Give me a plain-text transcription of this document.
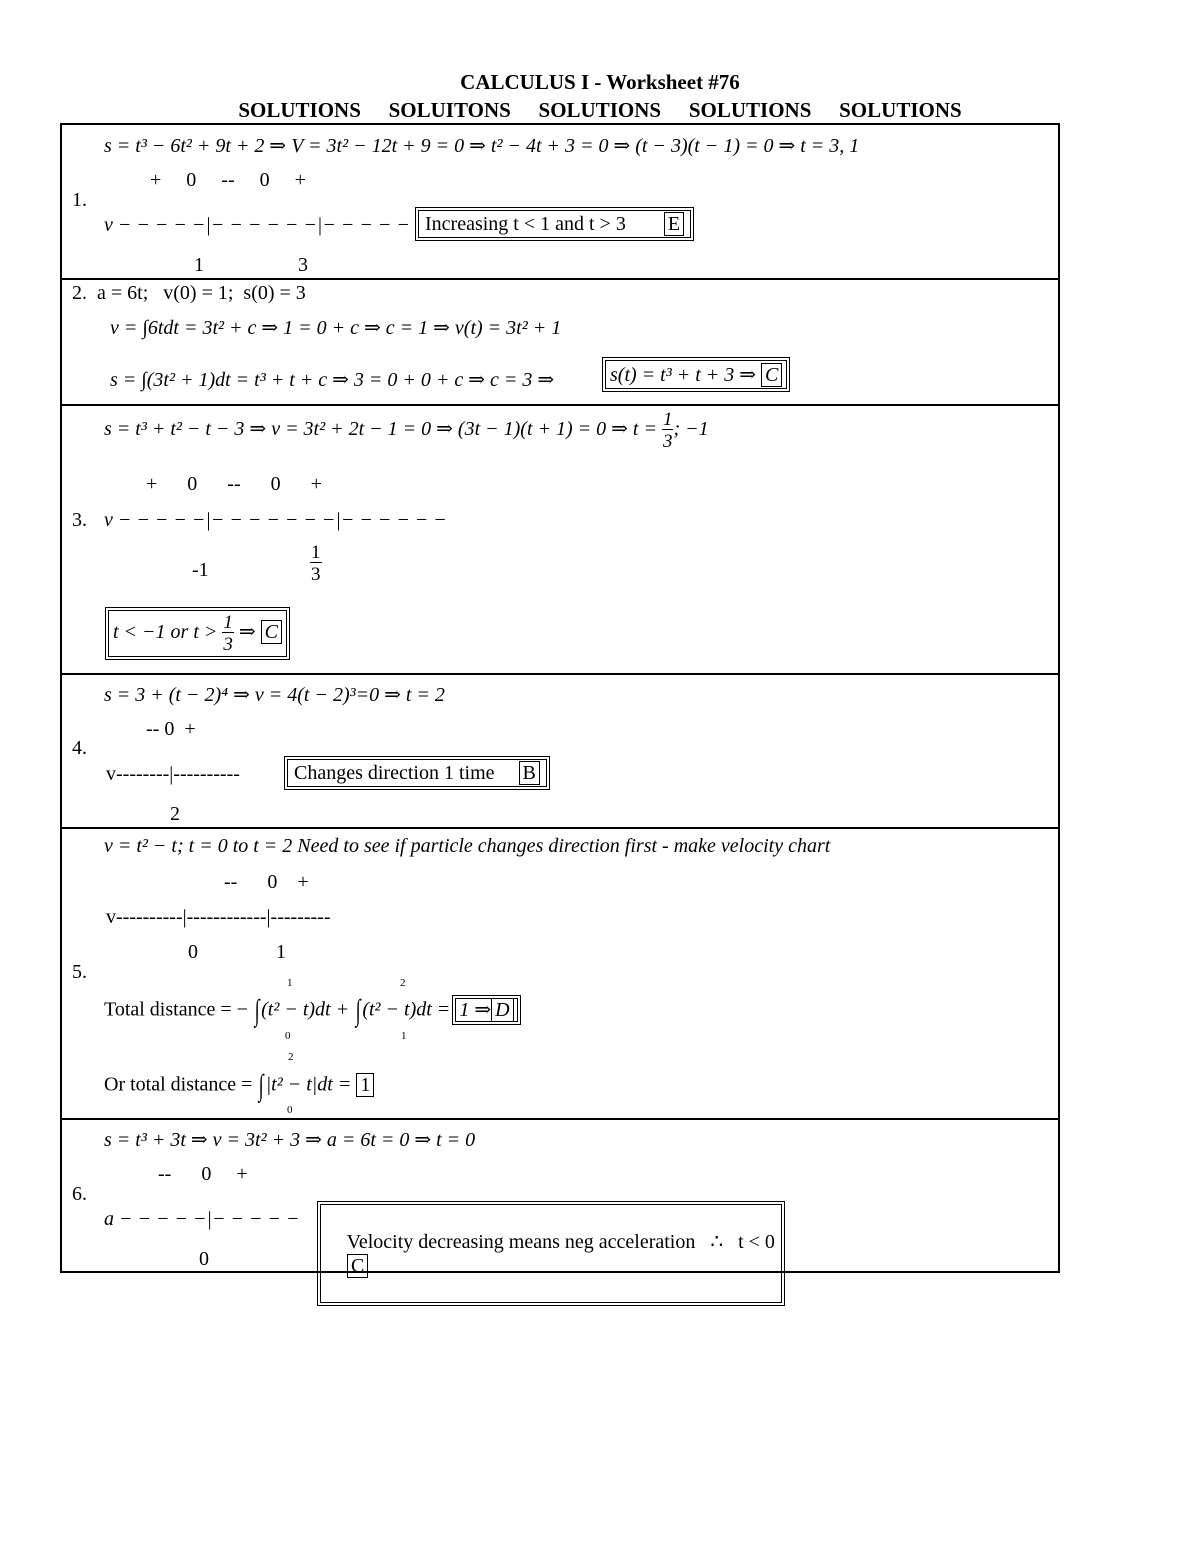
CALCULUS I - Worksheet #76
SOLUTIONS   SOLUITONS   SOLUTIONS   SOLUTIONS   SOLUTIONS
1.
s = t³ − 6t² + 9t + 2 ⇒ V = 3t² − 12t + 9 = 0 ⇒ t² − 4t + 3 = 0 ⇒ (t − 3)(t − 1) = 0 ⇒ t = 3, 1
+     0     --     0     +
v − − − − −|− − − − − −|− − − − −
1	3
Increasing t < 1 and t > 3 E
2.  a = 6t;   v(0) = 1;  s(0) = 3
v = ∫6tdt = 3t² + c ⇒ 1 = 0 + c ⇒ c = 1 ⇒ v(t) = 3t² + 1
s = ∫(3t² + 1)dt = t³ + t + c ⇒ 3 = 0 + 0 + c ⇒ c = 3 ⇒	s(t) = t³ + t + 3 ⇒ C
s = t³ + t² − t − 3 ⇒ v = 3t² + 2t − 1 = 0 ⇒ (3t − 1)(t + 1) = 0 ⇒ $t = \frac{1}{3}$ ; −1
+      0      --      0      +
3. v − − − − −|− − − − − − −|− − − − − −
-1	$\frac{1}{3}$
t < −1 or $t > \frac{1}{3}$ ⇒ C
s = 3 + (t − 2)⁴ ⇒ v = 4(t − 2)³=0 ⇒ t = 2
-- 0  +
4.
v--------|----------
2
Changes direction 1 time B
v = t² − t; t = 0 to t = 2 Need to see if particle changes direction first - make velocity chart
--      0    +
v----------|------------|---------
0	1
5.
Total distance = − ∫(t² − t)dt + ∫(t² − t)dt = 1 ⇒ D
1
0
2
1
Or total distance = ∫|t² − t|dt = 1
2
0
s = t³ + 3t ⇒ v = 3t² + 3 ⇒ a = 6t = 0 ⇒ t = 0
--      0     +
6.
a − − − − −|− − − − −
0

Velocity decreasing means neg acceleration   ∴   t < 0
C
